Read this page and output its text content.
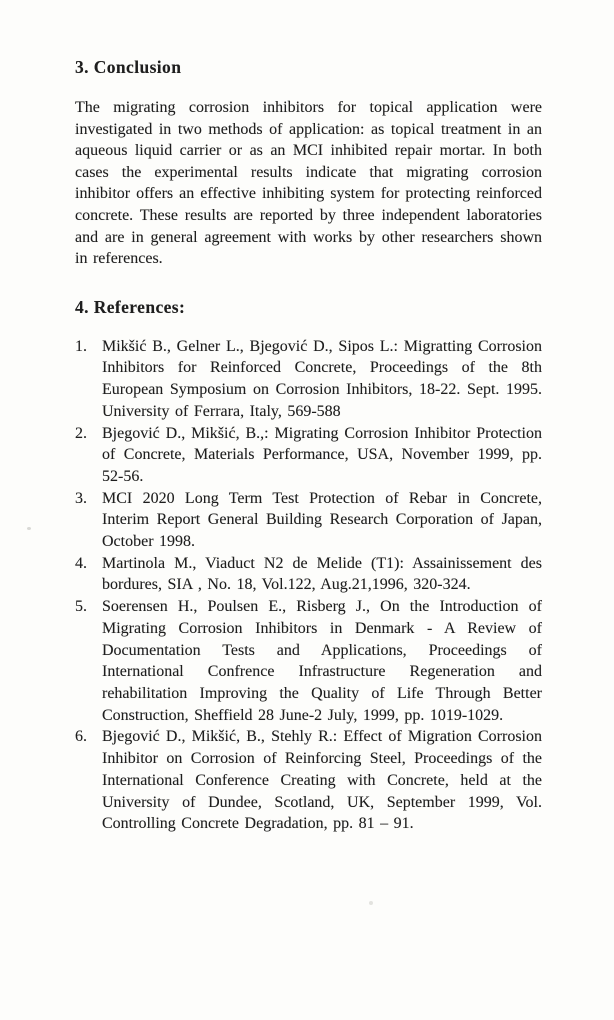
3. Conclusion

The migrating corrosion inhibitors for topical application were investigated in two methods of application: as topical treatment in an aqueous liquid carrier or as an MCI inhibited repair mortar. In both cases the experimental results indicate that migrating corrosion inhibitor offers an effective inhibiting system for protecting reinforced concrete. These results are reported by three independent laboratories and are in general agreement with works by other researchers shown in references.

4. References:
1. Mikšić B., Gelner L., Bjegović D., Sipos L.: Migratting Corrosion Inhibitors for Reinforced Concrete, Proceedings of the 8th European Symposium on Corrosion Inhibitors, 18-22. Sept. 1995. University of Ferrara, Italy, 569-588
2. Bjegović D., Mikšić, B.,: Migrating Corrosion Inhibitor Protection of Concrete, Materials Performance, USA, November 1999, pp. 52-56.
3. MCI 2020 Long Term Test Protection of Rebar in Concrete, Interim Report General Building Research Corporation of Japan, October 1998.
4. Martinola M., Viaduct N2 de Melide (T1): Assainissement des bordures, SIA , No. 18, Vol.122, Aug.21,1996, 320-324.
5. Soerensen H., Poulsen E., Risberg J., On the Introduction of Migrating Corrosion Inhibitors in Denmark - A Review of Documentation Tests and Applications, Proceedings of International Confrence Infrastructure Regeneration and rehabilitation Improving the Quality of Life Through Better Construction, Sheffield 28 June-2 July, 1999, pp. 1019-1029.
6. Bjegović D., Mikšić, B., Stehly R.: Effect of Migration Corrosion Inhibitor on Corrosion of Reinforcing Steel, Proceedings of the International Conference Creating with Concrete, held at the University of Dundee, Scotland, UK, September 1999, Vol. Controlling Concrete Degradation, pp. 81 – 91.
